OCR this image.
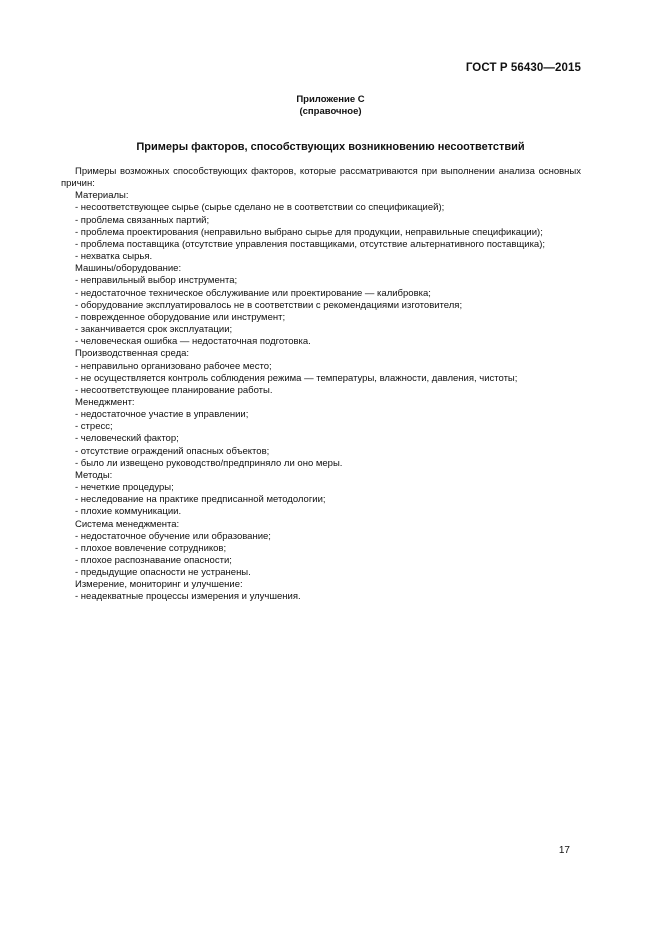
ГОСТ Р 56430—2015
Приложение С
(справочное)
Примеры факторов, способствующих возникновению несоответствий

Примеры возможных способствующих факторов, которые рассматриваются при выполнении анализа основных причин:

Материалы:
- несоответствующее сырье (сырье сделано не в соответствии со спецификацией);
- проблема связанных партий;
- проблема проектирования (неправильно выбрано сырье для продукции, неправильные спецификации);
- проблема поставщика (отсутствие управления поставщиками, отсутствие альтернативного поставщика);
- нехватка сырья.
Машины/оборудование:
- неправильный выбор инструмента;
- недостаточное техническое обслуживание или проектирование — калибровка;
- оборудование эксплуатировалось не в соответствии с рекомендациями изготовителя;
- поврежденное оборудование или инструмент;
- заканчивается срок эксплуатации;
- человеческая ошибка — недостаточная подготовка.
Производственная среда:
- неправильно организовано рабочее место;
- не осуществляется контроль соблюдения режима — температуры, влажности, давления, чистоты;
- несоответствующее планирование работы.
Менеджмент:
- недостаточное участие в управлении;
- стресс;
- человеческий фактор;
- отсутствие ограждений опасных объектов;
- было ли извещено руководство/предприняло ли оно меры.
Методы:
- нечеткие процедуры;
- неследование на практике предписанной методологии;
- плохие коммуникации.
Система менеджмента:
- недостаточное обучение или образование;
- плохое вовлечение сотрудников;
- плохое распознавание опасности;
- предыдущие опасности не устранены.
Измерение, мониторинг и улучшение:
- неадекватные процессы измерения и улучшения.
17
